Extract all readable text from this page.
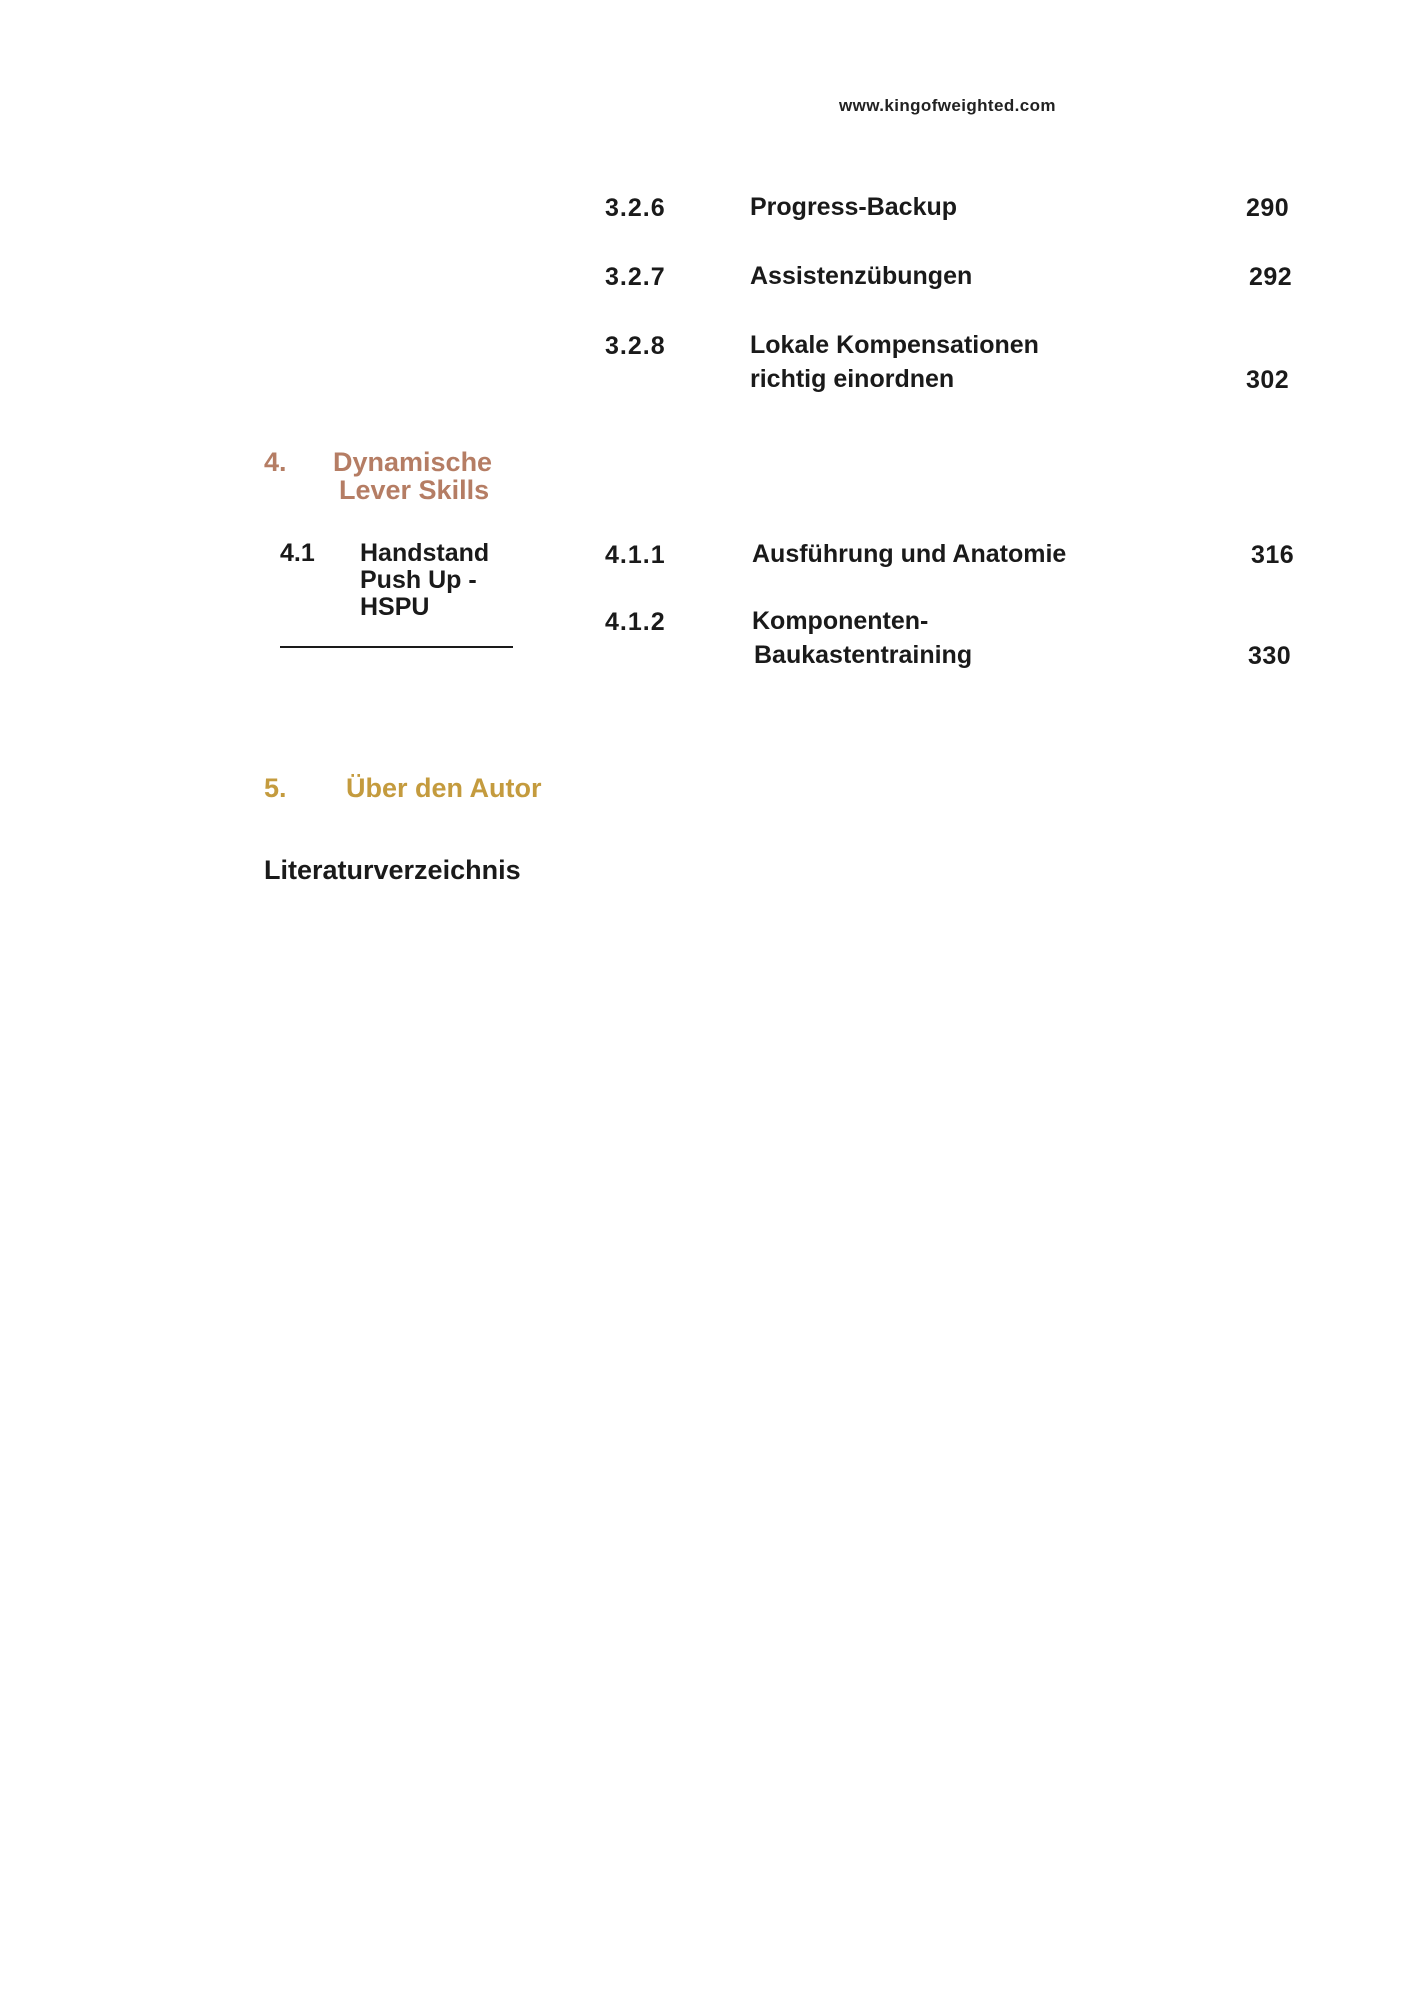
www.kingofweighted.com
3.2.6	Progress-Backup	290
3.2.7	Assistenzübungen	292
3.2.8	Lokale Kompensationen
richtig einordnen	302
4. Dynamische
Lever Skills
4.1 Handstand
Push Up -
HSPU
4.1.1	Ausführung und Anatomie	316
4.1.2	Komponenten-
Baukastentraining	330
5. Über den Autor
Literaturverzeichnis
